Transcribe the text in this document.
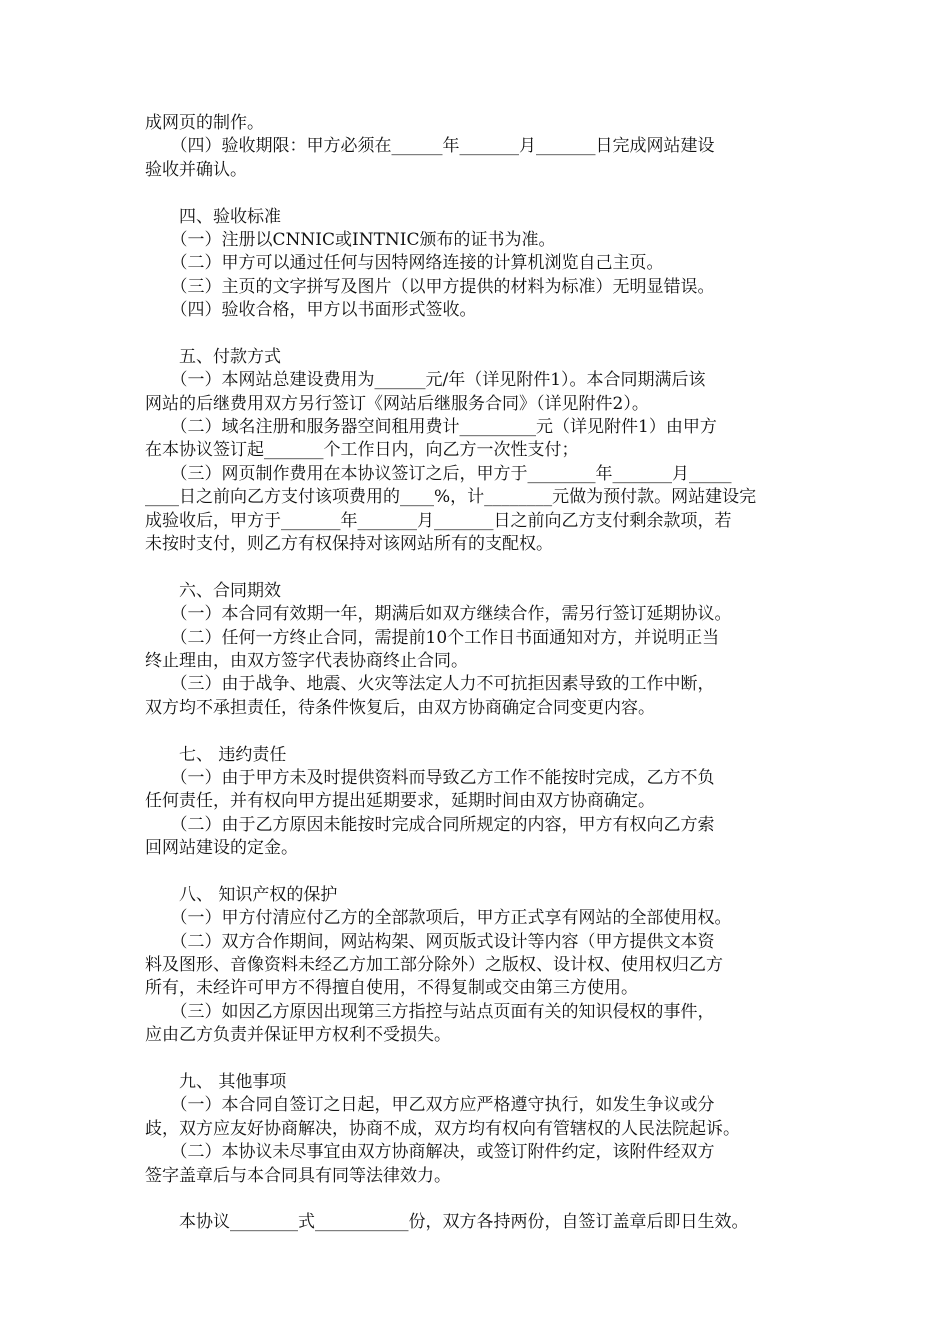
成网页的制作。
　　（四）验收期限：甲方必须在______年_______月_______日完成网站建设
验收并确认。
　　四、验收标准
　　（一）注册以CNNIC或INTNIC颁布的证书为准。
　　（二）甲方可以通过任何与因特网络连接的计算机浏览自己主页。
　　（三）主页的文字拼写及图片（以甲方提供的材料为标准）无明显错误。
　　（四）验收合格，甲方以书面形式签收。
　　五、付款方式
　　（一）本网站总建设费用为______元/年（详见附件1）。本合同期满后该
网站的后继费用双方另行签订《网站后继服务合同》（详见附件2）。
　　（二）域名注册和服务器空间租用费计_________元（详见附件1）由甲方
在本协议签订起_______个工作日内，向乙方一次性支付；
　　（三）网页制作费用在本协议签订之后，甲方于________年_______月_____
____日之前向乙方支付该项费用的____%，计________元做为预付款。网站建设完
成验收后，甲方于_______年_______月_______日之前向乙方支付剩余款项，若
未按时支付，则乙方有权保持对该网站所有的支配权。
　　六、合同期效
　　（一）本合同有效期一年，期满后如双方继续合作，需另行签订延期协议。
　　（二）任何一方终止合同，需提前10个工作日书面通知对方，并说明正当
终止理由，由双方签字代表协商终止合同。
　　（三）由于战争、地震、火灾等法定人力不可抗拒因素导致的工作中断，
双方均不承担责任，待条件恢复后，由双方协商确定合同变更内容。
　　七、 违约责任
　　（一）由于甲方未及时提供资料而导致乙方工作不能按时完成，乙方不负
任何责任，并有权向甲方提出延期要求，延期时间由双方协商确定。
　　（二）由于乙方原因未能按时完成合同所规定的内容，甲方有权向乙方索
回网站建设的定金。
　　八、 知识产权的保护
　　（一）甲方付清应付乙方的全部款项后，甲方正式享有网站的全部使用权。
　　（二）双方合作期间，网站构架、网页版式设计等内容（甲方提供文本资
料及图形、音像资料未经乙方加工部分除外）之版权、设计权、使用权归乙方
所有，未经许可甲方不得擅自使用，不得复制或交由第三方使用。
　　（三）如因乙方原因出现第三方指控与站点页面有关的知识侵权的事件，
应由乙方负责并保证甲方权利不受损失。
　　九、 其他事项
　　（一）本合同自签订之日起，甲乙双方应严格遵守执行，如发生争议或分
歧，双方应友好协商解决，协商不成，双方均有权向有管辖权的人民法院起诉。
　　（二）本协议未尽事宜由双方协商解决，或签订附件约定，该附件经双方
签字盖章后与本合同具有同等法律效力。
　　本协议________式___________份，双方各持两份，自签订盖章后即日生效。
